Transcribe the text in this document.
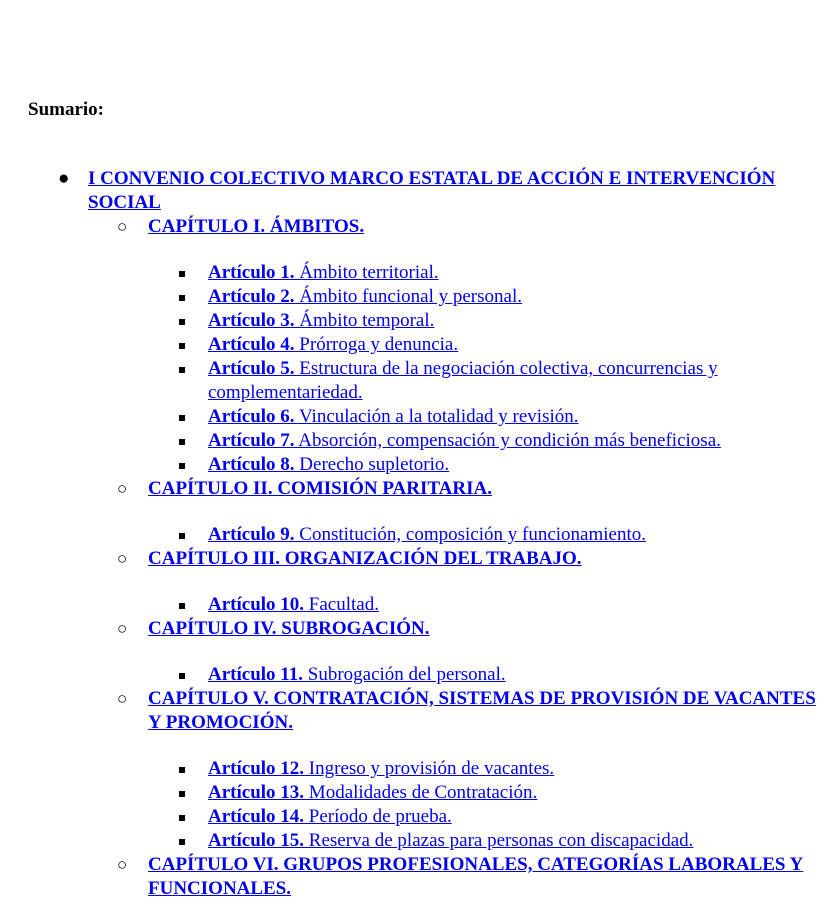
Sumario:

● I CONVENIO COLECTIVO MARCO ESTATAL DE ACCIÓN E INTERVENCIÓN SOCIAL
○ CAPÍTULO I. ÁMBITOS.
Artículo 1. Ámbito territorial.
Artículo 2. Ámbito funcional y personal.
Artículo 3. Ámbito temporal.
Artículo 4. Prórroga y denuncia.
Artículo 5. Estructura de la negociación colectiva, concurrencias y complementariedad.
Artículo 6. Vinculación a la totalidad y revisión.
Artículo 7. Absorción, compensación y condición más beneficiosa.
Artículo 8. Derecho supletorio.
○ CAPÍTULO II. COMISIÓN PARITARIA.
Artículo 9. Constitución, composición y funcionamiento.
○ CAPÍTULO III. ORGANIZACIÓN DEL TRABAJO.
Artículo 10. Facultad.
○ CAPÍTULO IV. SUBROGACIÓN.
Artículo 11. Subrogación del personal.
○ CAPÍTULO V. CONTRATACIÓN, SISTEMAS DE PROVISIÓN DE VACANTES Y PROMOCIÓN.
Artículo 12. Ingreso y provisión de vacantes.
Artículo 13. Modalidades de Contratación.
Artículo 14. Período de prueba.
Artículo 15. Reserva de plazas para personas con discapacidad.
○ CAPÍTULO VI. GRUPOS PROFESIONALES, CATEGORÍAS LABORALES Y FUNCIONALES.
